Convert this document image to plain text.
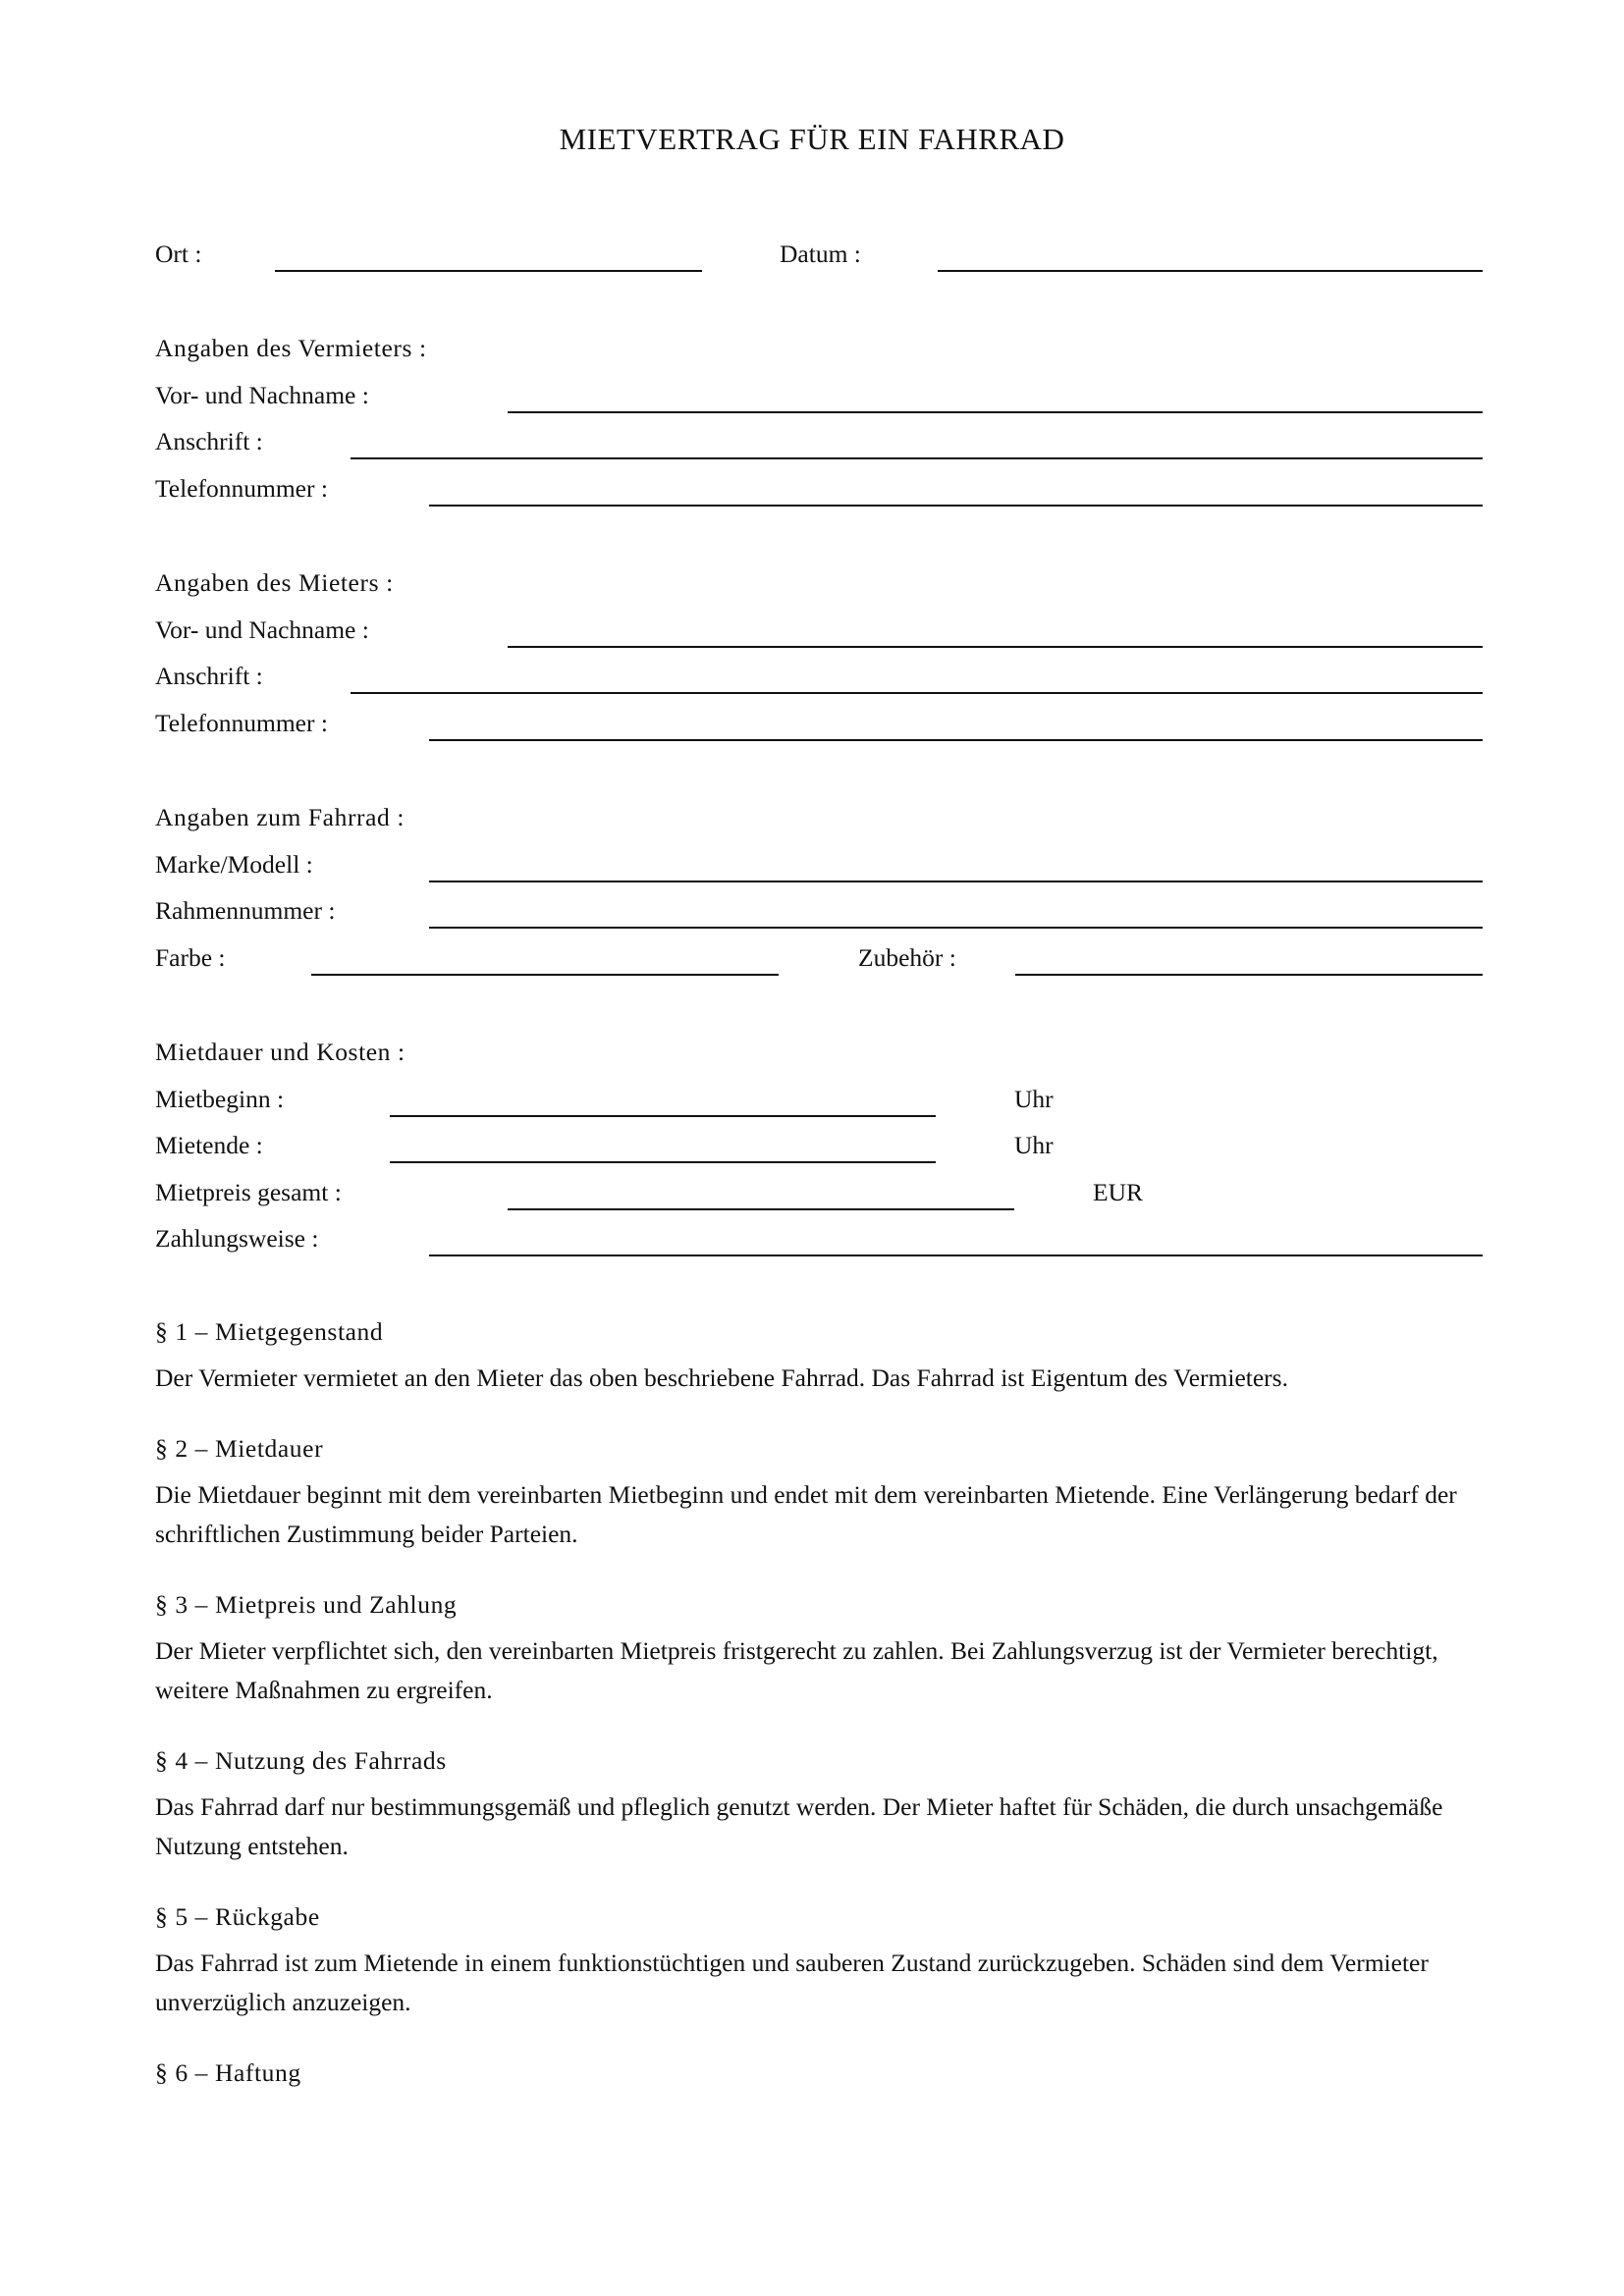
MIETVERTRAG FÜR EIN FAHRRAD
Ort :	Datum :
Angaben des Vermieters :
Vor- und Nachname :
Anschrift :
Telefonnummer :
Angaben des Mieters :
Vor- und Nachname :
Anschrift :
Telefonnummer :
Angaben zum Fahrrad :
Marke/Modell :
Rahmennummer :
Farbe :	Zubehör :
Mietdauer und Kosten :
Mietbeginn :	Uhr
Mietende :	Uhr
Mietpreis gesamt :	EUR
Zahlungsweise :
§ 1 – Mietgegenstand
Der Vermieter vermietet an den Mieter das oben beschriebene Fahrrad. Das Fahrrad ist Eigentum des Vermieters.
§ 2 – Mietdauer
Die Mietdauer beginnt mit dem vereinbarten Mietbeginn und endet mit dem vereinbarten Mietende. Eine Verlängerung bedarf der schriftlichen Zustimmung beider Parteien.
§ 3 – Mietpreis und Zahlung
Der Mieter verpflichtet sich, den vereinbarten Mietpreis fristgerecht zu zahlen. Bei Zahlungsverzug ist der Vermieter berechtigt, weitere Maßnahmen zu ergreifen.
§ 4 – Nutzung des Fahrrads
Das Fahrrad darf nur bestimmungsgemäß und pfleglich genutzt werden. Der Mieter haftet für Schäden, die durch unsachgemäße Nutzung entstehen.
§ 5 – Rückgabe
Das Fahrrad ist zum Mietende in einem funktionstüchtigen und sauberen Zustand zurückzugeben. Schäden sind dem Vermieter unverzüglich anzuzeigen.
§ 6 – Haftung
